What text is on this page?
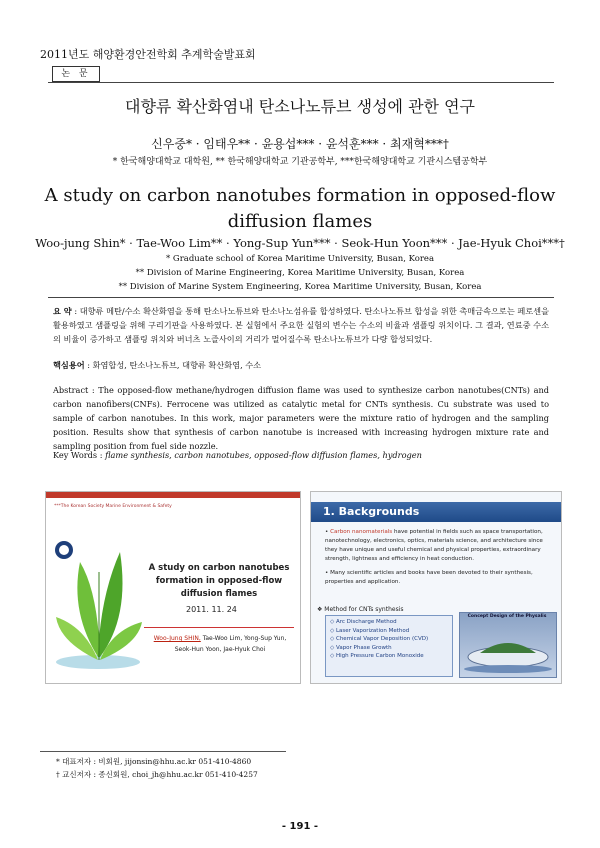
2011년도 해양환경안전학회 추계학술발표회
논 문
대향류 확산화염내 탄소나노튜브 생성에 관한 연구
신우중* · 임태우** · 윤용섭*** · 윤석훈*** · 최재혁***†
* 한국해양대학교 대학원, ** 한국해양대학교 기관공학부, ***한국해양대학교 기관시스템공학부
A study on carbon nanotubes formation in opposed-flow diffusion flames
Woo-jung Shin* · Tae-Woo Lim** · Yong-Sup Yun*** · Seok-Hun Yoon*** · Jae-Hyuk Choi***†
* Graduate school of Korea Maritime University, Busan, Korea
** Division of Marine Engineering, Korea Maritime University, Busan, Korea
** Division of Marine System Engineering, Korea Maritime University, Busan, Korea
요 약 : 대향류 메탄/수소 확산화염을 통해 탄소나노튜브와 탄소나노섬유를 합성하였다. 탄소나노튜브 합성을 위한 촉매금속으로는 페로센을 활용하였고 샘플링을 위해 구리기판을 사용하였다. 본 실험에서 주요한 실험의 변수는 수소의 비율과 샘플링 위치이다. 그 결과, 연료중 수소의 비율이 증가하고 샘플링 위치와 버너츠 노즐사이의 거리가 멀어질수록 탄소나노튜브가 다량 합성되었다.
핵심용어 : 화염합성, 탄소나노튜브, 대향류 확산화염, 수소
Abstract : The opposed-flow methane/hydrogen diffusion flame was used to synthesize carbon nanotubes(CNTs) and carbon nanofibers(CNFs). Ferrocene was utilized as catalytic metal for CNTs synthesis. Cu substrate was used to sample of carbon nanotubes. In this work, major parameters were the mixture ratio of hydrogen and the sampling position. Results show that synthesis of carbon nanotube is increased with increasing hydrogen mixture rate and sampling position from fuel side nozzle.
Key Words : flame synthesis, carbon nanotubes, opposed-flow diffusion flames, hydrogen
***The Korean Society Marine Environment & Safety
A study on carbon nanotubes formation in opposed-flow diffusion flames
2011. 11. 24
Woo-Jung SHIN, Tae-Woo Lim, Yong-Sup Yun,
Seok-Hun Yoon, Jae-Hyuk Choi
1. Backgrounds
• Carbon nanomaterials have potential in fields such as space transportation, nanotechnology, electronics, optics, materials science, and architecture since they have unique and useful chemical and physical properties, extraordinary strength, lightness and efficiency in heat conduction.
• Many scientific articles and books have been devoted to their synthesis, properties and application.
❖ Method for CNTs synthesis
◇ Arc Discharge Method
◇ Laser Vaporization Method
◇ Chemical Vapor Deposition (CVD)
◇ Vapor Phase Growth
◇ High Pressure Carbon Monoxide
Concept Design of the Physalis
* 대표저자 : 비회원, jijonsin@hhu.ac.kr 051-410-4860
† 교신저자 : 종신회원, choi_jh@hhu.ac.kr 051-410-4257
- 191 -
